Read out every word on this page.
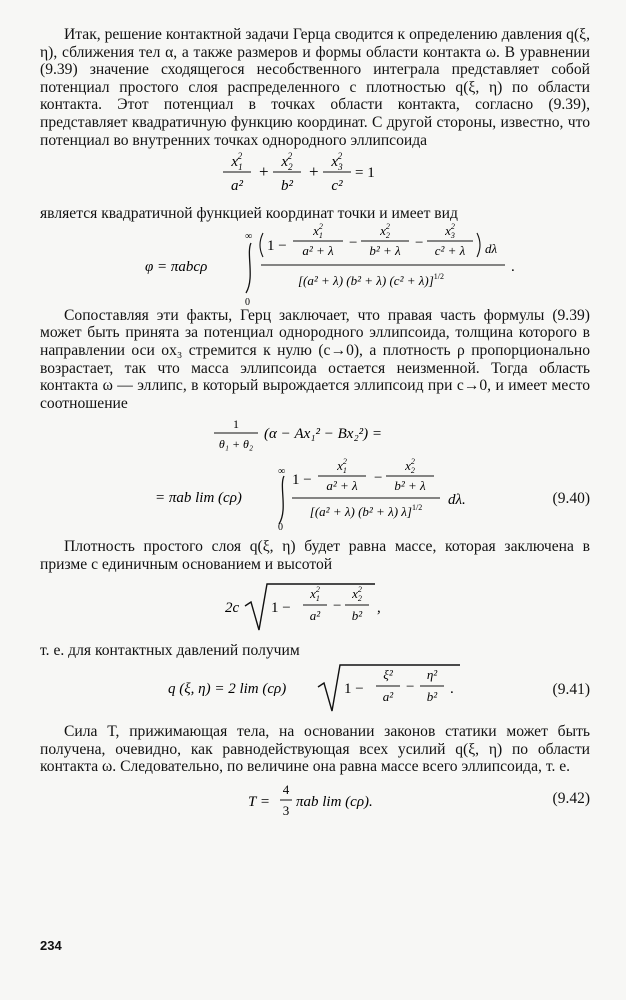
Итак, решение контактной задачи Герца сводится к определению давления q(ξ, η), сближения тел α, а также размеров и формы области контакта ω. В уравнении (9.39) значение сходящегося несобственного интеграла представляет собой потенциал простого слоя распределенного с плотностью q(ξ, η) по области контакта. Этот потенциал в точках области контакта, согласно (9.39), представляет квадратичную функцию координат. С другой стороны, известно, что потенциал во внутренних точках однородного эллипсоида

$x_12$
a²
+ $x_22$
b²
+ $x_32$
c²
= 1

является квадратичной функцией координат точки и имеет вид

φ = πabcρ
∞
0
1 −
$x_12$
a² + λ −
$x_22$
b² + λ −
$x_32$
c² + λ dλ
[(a² + λ) (b² + λ) (c² + λ)]$^{1/2}$
.

Сопоставляя эти факты, Герц заключает, что правая часть формулы (9.39) может быть принята за потенциал однородного эллипсоида, толщина которого в направлении оси ox₃ стремится к нулю (c→0), а плотность ρ пропорционально возрастает, так что масса эллипсоида остается неизменной. Тогда область контакта ω — эллипс, в который вырождается эллипсоид при c→0, и имеет место соотношение

1
θ₁ + θ₂
(α − Ax₁² − Bx₂²) =
= πab lim (cρ)
∞
0
1 −
$x_12$
a² + λ −
$x_22$
b² + λ
[(a² + λ) (b² + λ) λ]$^{1/2}$ dλ.	(9.40)

Плотность простого слоя q(ξ, η) будет равна массе, которая заключена в призме с единичным основанием и высотой

2c 1 −
$x_12$
a²
−
$x_22$
b² ,

т. е. для контактных давлений получим

q (ξ, η) = 2 lim (cρ)	1 −
ξ²
a²
−
η²
b² .	(9.41)

Сила T, прижимающая тела, на основании законов статики может быть получена, очевидно, как равнодействующая всех усилий q(ξ, η) по области контакта ω. Следовательно, по величине она равна массе всего эллипсоида, т. е.

T =
4
3
πab lim (cρ).	(9.42)
234
